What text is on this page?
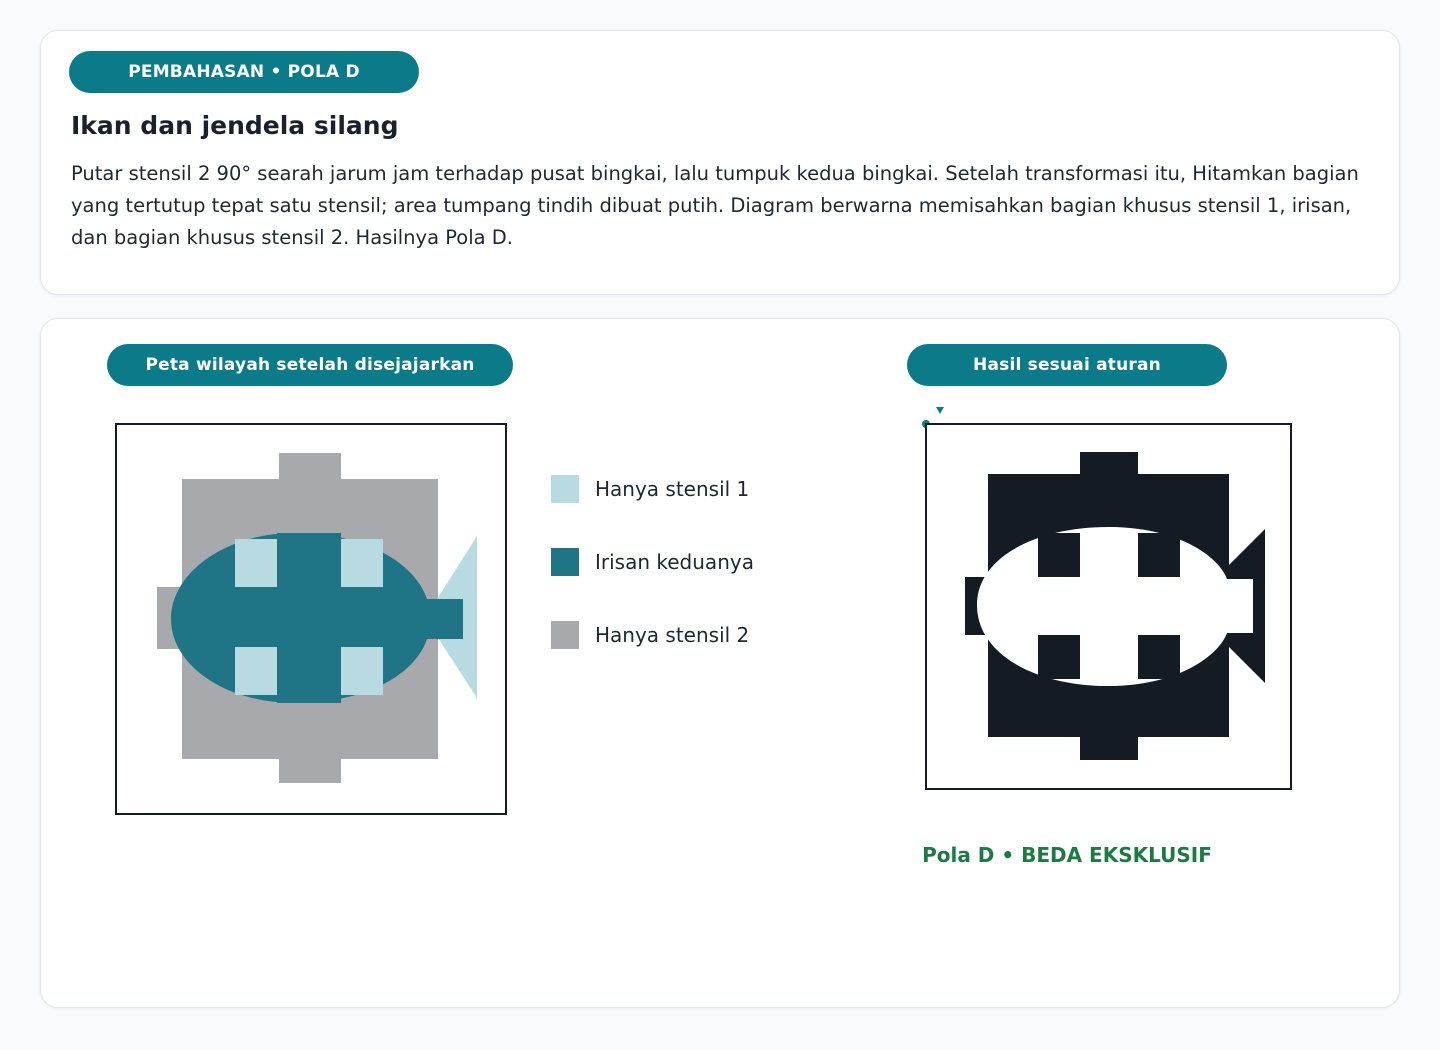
PEMBAHASAN • POLA D
Ikan dan jendela silang
Putar stensil 2 90° searah jarum jam terhadap pusat bingkai, lalu tumpuk kedua bingkai. Setelah transformasi itu, Hitamkan bagian yang tertutup tepat satu stensil; area tumpang tindih dibuat putih. Diagram berwarna memisahkan bagian khusus stensil 1, irisan, dan bagian khusus stensil 2. Hasilnya Pola D.
Peta wilayah setelah disejajarkan	Hasil sesuai aturan
Hanya stensil 1
Irisan keduanya
Hanya stensil 2
Pola D • BEDA EKSKLUSIF
